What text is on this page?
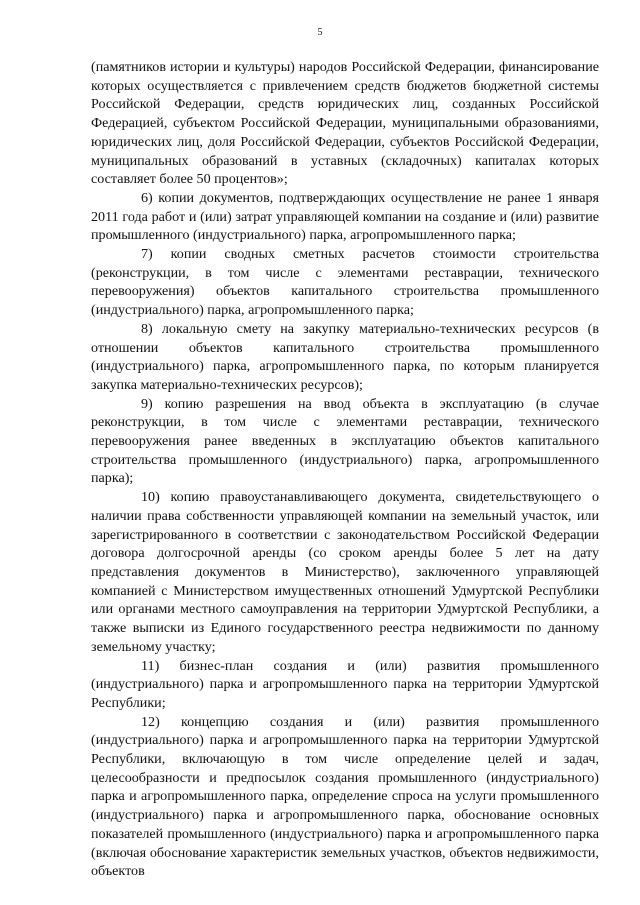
5

(памятников истории и культуры) народов Российской Федерации, финансирование которых осуществляется с привлечением средств бюджетов бюджетной системы Российской Федерации, средств юридических лиц, созданных Российской Федерацией, субъектом Российской Федерации, муниципальными образованиями, юридических лиц, доля Российской Федерации, субъектов Российской Федерации, муниципальных образований в уставных (складочных) капиталах которых составляет более 50 процентов»;

6) копии документов, подтверждающих осуществление не ранее 1 января 2011 года работ и (или) затрат управляющей компании на создание и (или) развитие промышленного (индустриального) парка, агропромышленного парка;

7) копии сводных сметных расчетов стоимости строительства (реконструкции, в том числе с элементами реставрации, технического перевооружения) объектов капитального строительства промышленного (индустриального) парка, агропромышленного парка;

8) локальную смету на закупку материально-технических ресурсов (в отношении объектов капитального строительства промышленного (индустриального) парка, агропромышленного парка, по которым планируется закупка материально-технических ресурсов);

9) копию разрешения на ввод объекта в эксплуатацию (в случае реконструкции, в том числе с элементами реставрации, технического перевооружения ранее введенных в эксплуатацию объектов капитального строительства промышленного (индустриального) парка, агропромышленного парка);

10) копию правоустанавливающего документа, свидетельствующего о наличии права собственности управляющей компании на земельный участок, или зарегистрированного в соответствии с законодательством Российской Федерации договора долгосрочной аренды (со сроком аренды более 5 лет на дату представления документов в Министерство), заключенного управляющей компанией с Министерством имущественных отношений Удмуртской Республики или органами местного самоуправления на территории Удмуртской Республики, а также выписки из Единого государственного реестра недвижимости по данному земельному участку;

11) бизнес-план создания и (или) развития промышленного (индустриального) парка и агропромышленного парка на территории Удмуртской Республики;

12) концепцию создания и (или) развития промышленного (индустриального) парка и агропромышленного парка на территории Удмуртской Республики, включающую в том числе определение целей и задач, целесообразности и предпосылок создания промышленного (индустриального) парка и агропромышленного парка, определение спроса на услуги промышленного (индустриального) парка и агропромышленного парка, обоснование основных показателей промышленного (индустриального) парка и агропромышленного парка (включая обоснование характеристик земельных участков, объектов недвижимости, объектов
